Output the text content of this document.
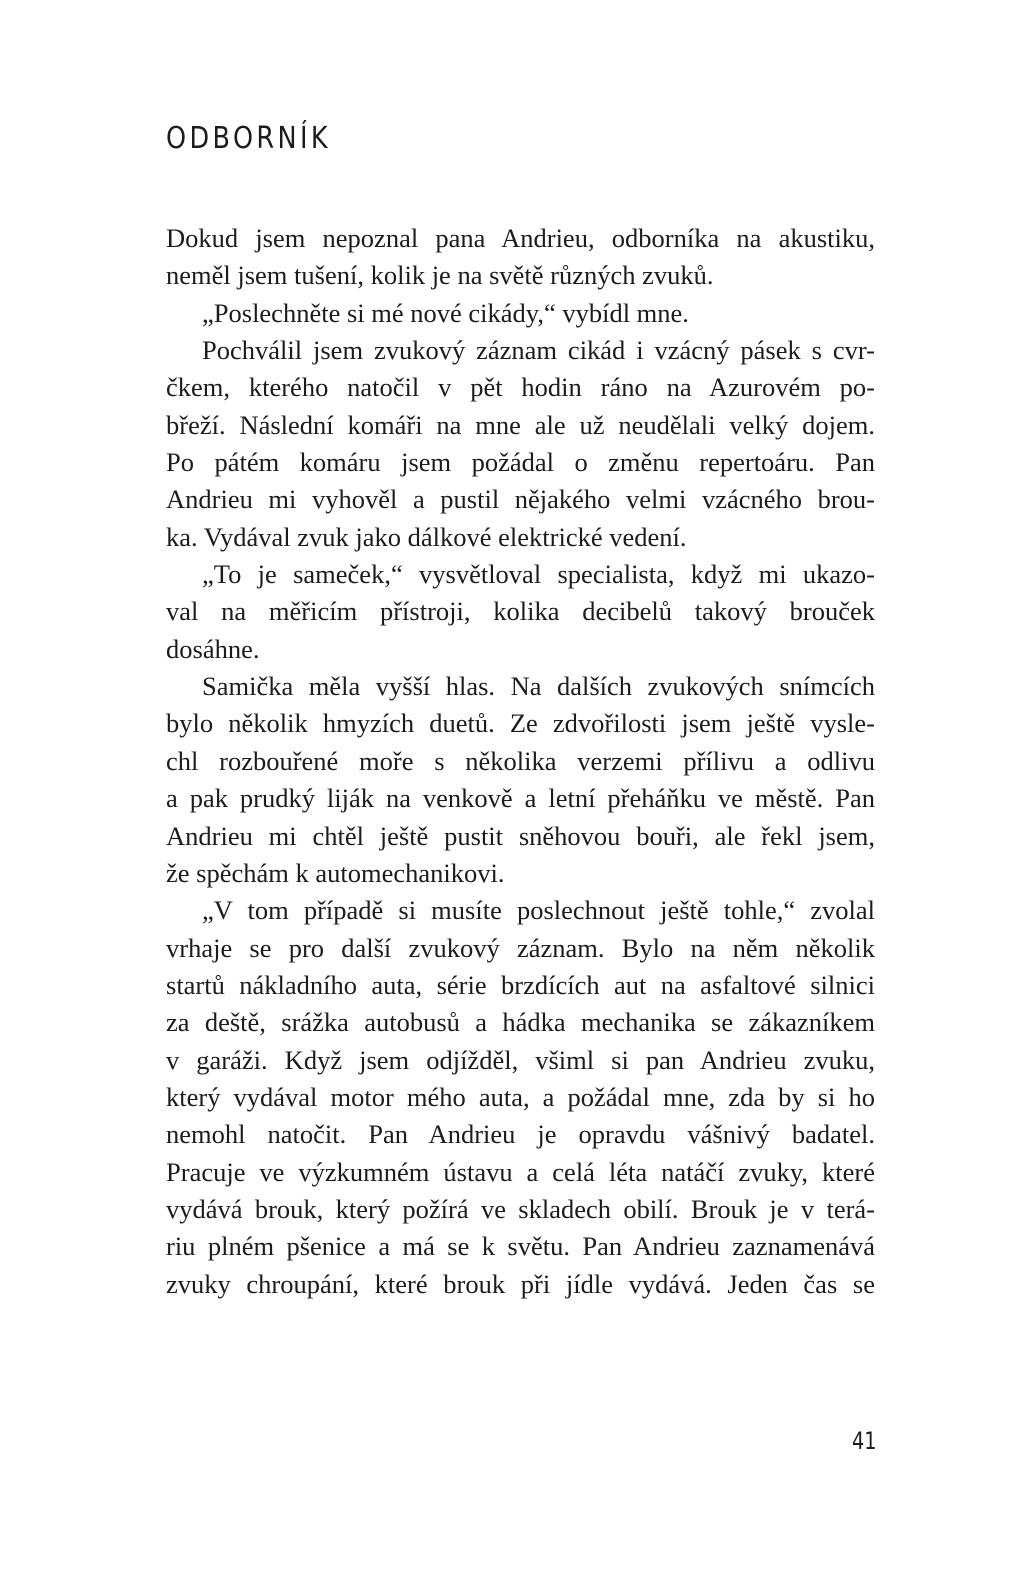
ODBORNÍK
Dokud jsem nepoznal pana Andrieu, odborníka na akustiku,
neměl jsem tušení, kolik je na světě různých zvuků.
„Poslechněte si mé nové cikády,“ vybídl mne.
Pochválil jsem zvukový záznam cikád i vzácný pásek s cvr-
čkem, kterého natočil v pět hodin ráno na Azurovém po-
břeží. Následní komáři na mne ale už neudělali velký dojem.
Po pátém komáru jsem požádal o změnu repertoáru. Pan
Andrieu mi vyhověl a pustil nějakého velmi vzácného brou-
ka. Vydával zvuk jako dálkové elektrické vedení.
„To je sameček,“ vysvětloval specialista, když mi ukazo-
val na měřicím přístroji, kolika decibelů takový brouček
dosáhne.
Samička měla vyšší hlas. Na dalších zvukových snímcích
bylo několik hmyzích duetů. Ze zdvořilosti jsem ještě vysle-
chl rozbouřené moře s několika verzemi přílivu a odlivu
a pak prudký liják na venkově a letní přeháňku ve městě. Pan
Andrieu mi chtěl ještě pustit sněhovou bouři, ale řekl jsem,
že spěchám k automechanikovi.
„V tom případě si musíte poslechnout ještě tohle,“ zvolal
vrhaje se pro další zvukový záznam. Bylo na něm několik
startů nákladního auta, série brzdících aut na asfaltové silnici
za deště, srážka autobusů a hádka mechanika se zákazníkem
v garáži. Když jsem odjížděl, všiml si pan Andrieu zvuku,
který vydával motor mého auta, a požádal mne, zda by si ho
nemohl natočit. Pan Andrieu je opravdu vášnivý badatel.
Pracuje ve výzkumném ústavu a celá léta natáčí zvuky, které
vydává brouk, který požírá ve skladech obilí. Brouk je v terá-
riu plném pšenice a má se k světu. Pan Andrieu zaznamenává
zvuky chroupání, které brouk při jídle vydává. Jeden čas se
41
